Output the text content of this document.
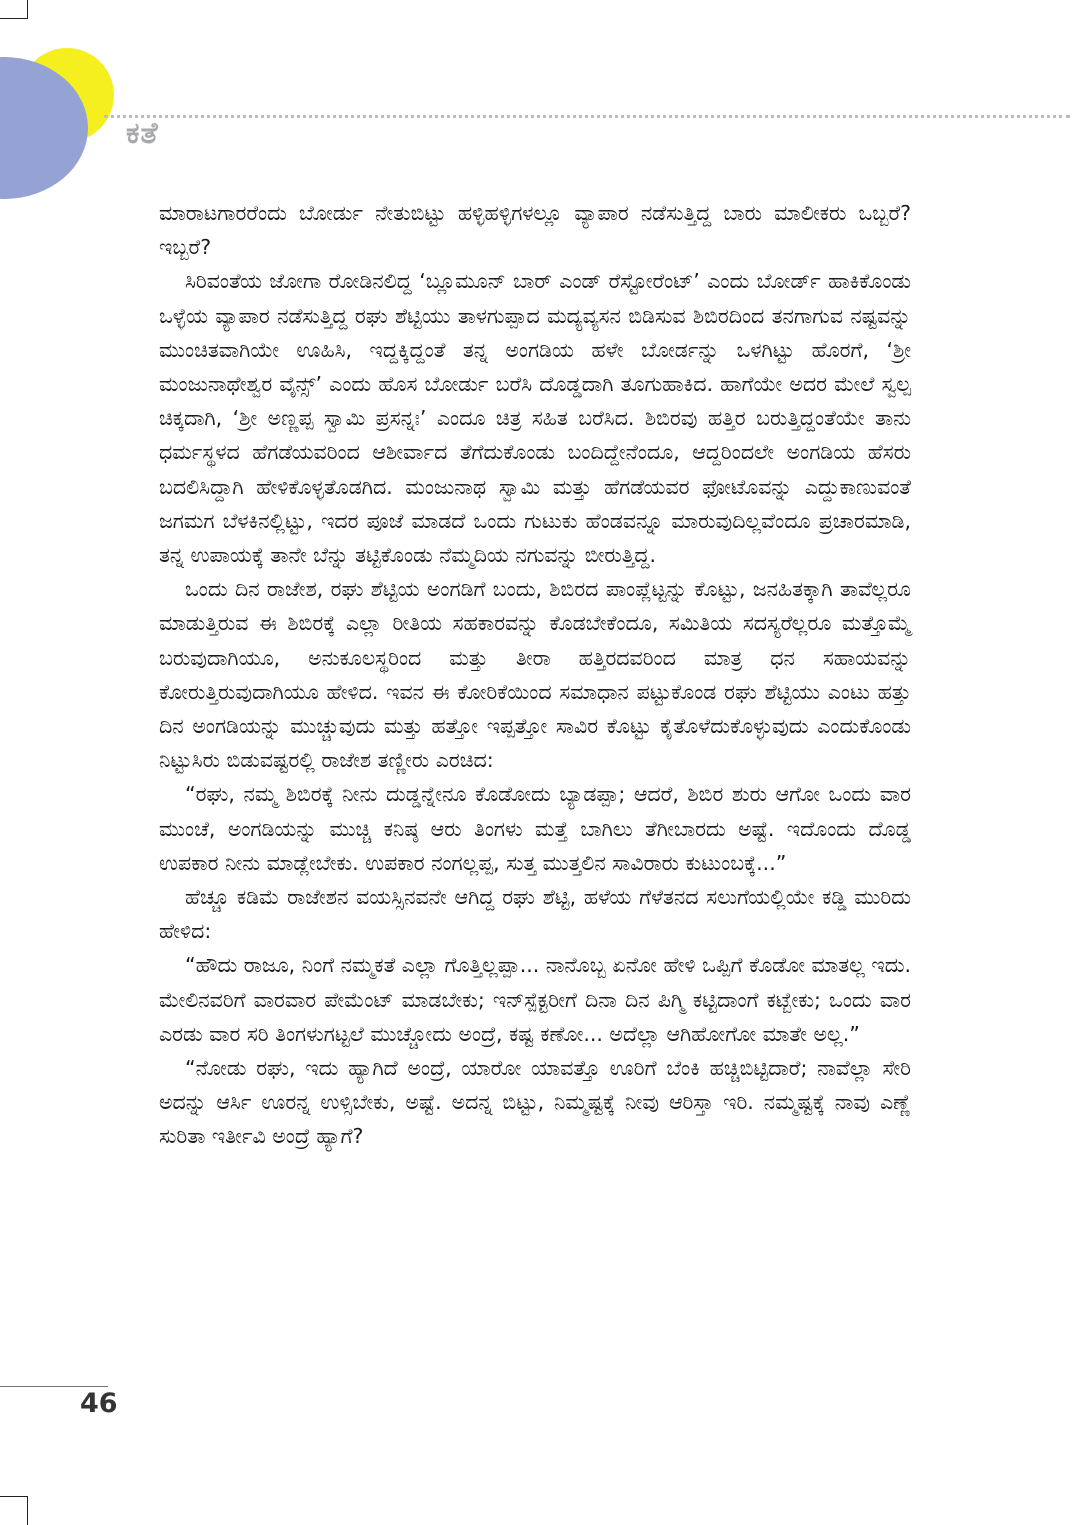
ಕತೆ

ಮಾರಾಟಗಾರರೆಂದು ಬೋರ್ಡು ನೇತುಬಿಟ್ಟು ಹಳ್ಳಿಹಳ್ಳಿಗಳಲ್ಲೂ ವ್ಯಾಪಾರ ನಡೆಸುತ್ತಿದ್ದ ಬಾರು ಮಾಲೀಕರು ಒಬ್ಬರೆ? ಇಬ್ಬರೆ?

ಸಿರಿವಂತೆಯ ಜೋಗಾ ರೋಡಿನಲಿದ್ದ ‘ಬ್ಲೂಮೂನ್ ಬಾರ್ ಎಂಡ್ ರೆಸ್ಟೋರೆಂಟ್’ ಎಂದು ಬೋರ್ಡ್ ಹಾಕಿಕೊಂಡು ಒಳ್ಳೆಯ ವ್ಯಾಪಾರ ನಡೆಸುತ್ತಿದ್ದ ರಘು ಶೆಟ್ಟಿಯು ತಾಳಗುಪ್ಪಾದ ಮದ್ಯವ್ಯಸನ ಬಿಡಿಸುವ ಶಿಬಿರದಿಂದ ತನಗಾಗುವ ನಷ್ಟವನ್ನು ಮುಂಚಿತವಾಗಿಯೇ ಊಹಿಸಿ, ಇದ್ದಕ್ಕಿದ್ದಂತೆ ತನ್ನ ಅಂಗಡಿಯ ಹಳೇ ಬೋರ್ಡನ್ನು ಒಳಗಿಟ್ಟು ಹೊರಗೆ, ‘ಶ್ರೀ ಮಂಜುನಾಥೇಶ್ವರ ವೈನ್ಸ್’ ಎಂದು ಹೊಸ ಬೋರ್ಡು ಬರೆಸಿ ದೊಡ್ಡದಾಗಿ ತೂಗುಹಾಕಿದ. ಹಾಗೆಯೇ ಅದರ ಮೇಲೆ ಸ್ವಲ್ಪ ಚಿಕ್ಕದಾಗಿ, ‘ಶ್ರೀ ಅಣ್ಣಪ್ಪ ಸ್ವಾಮಿ ಪ್ರಸನ್ನಃ’ ಎಂದೂ ಚಿತ್ರ ಸಹಿತ ಬರೆಸಿದ. ಶಿಬಿರವು ಹತ್ತಿರ ಬರುತ್ತಿದ್ದಂತೆಯೇ ತಾನು ಧರ್ಮಸ್ಥಳದ ಹೆಗಡೆಯವರಿಂದ ಆಶೀರ್ವಾದ ತೆಗೆದುಕೊಂಡು ಬಂದಿದ್ದೇನೆಂದೂ, ಆದ್ದರಿಂದಲೇ ಅಂಗಡಿಯ ಹೆಸರು ಬದಲಿಸಿದ್ದಾಗಿ ಹೇಳಿಕೊಳ್ಳತೊಡಗಿದ. ಮಂಜುನಾಥ ಸ್ವಾಮಿ ಮತ್ತು ಹೆಗಡೆಯವರ ಫೋಟೊವನ್ನು ಎದ್ದುಕಾಣುವಂತೆ ಜಗಮಗ ಬೆಳಕಿನಲ್ಲಿಟ್ಟು, ಇದರ ಪೂಜೆ ಮಾಡದೆ ಒಂದು ಗುಟುಕು ಹೆಂಡವನ್ನೂ ಮಾರುವುದಿಲ್ಲವೆಂದೂ ಪ್ರಚಾರಮಾಡಿ, ತನ್ನ ಉಪಾಯಕ್ಕೆ ತಾನೇ ಬೆನ್ನು ತಟ್ಟಿಕೊಂಡು ನೆಮ್ಮದಿಯ ನಗುವನ್ನು ಬೀರುತ್ತಿದ್ದ.

ಒಂದು ದಿನ ರಾಜೇಶ, ರಘು ಶೆಟ್ಟಿಯ ಅಂಗಡಿಗೆ ಬಂದು, ಶಿಬಿರದ ಪಾಂಪ್ಲೆಟ್ಟನ್ನು ಕೊಟ್ಟು, ಜನಹಿತಕ್ಕಾಗಿ ತಾವೆಲ್ಲರೂ ಮಾಡುತ್ತಿರುವ ಈ ಶಿಬಿರಕ್ಕೆ ಎಲ್ಲಾ ರೀತಿಯ ಸಹಕಾರವನ್ನು ಕೊಡಬೇಕೆಂದೂ, ಸಮಿತಿಯ ಸದಸ್ಯರೆಲ್ಲರೂ ಮತ್ತೊಮ್ಮೆ ಬರುವುದಾಗಿಯೂ, ಅನುಕೂಲಸ್ಥರಿಂದ ಮತ್ತು ತೀರಾ ಹತ್ತಿರದವರಿಂದ ಮಾತ್ರ ಧನ ಸಹಾಯವನ್ನು ಕೋರುತ್ತಿರುವುದಾಗಿಯೂ ಹೇಳಿದ. ಇವನ ಈ ಕೋರಿಕೆಯಿಂದ ಸಮಾಧಾನ ಪಟ್ಟುಕೊಂಡ ರಘು ಶೆಟ್ಟಿಯು ಎಂಟು ಹತ್ತು ದಿನ ಅಂಗಡಿಯನ್ನು ಮುಚ್ಚುವುದು ಮತ್ತು ಹತ್ತೋ ಇಪ್ಪತ್ತೋ ಸಾವಿರ ಕೊಟ್ಟು ಕೈತೊಳೆದುಕೊಳ್ಳುವುದು ಎಂದುಕೊಂಡು ನಿಟ್ಟುಸಿರು ಬಿಡುವಷ್ಟರಲ್ಲಿ ರಾಜೇಶ ತಣ್ಣೀರು ಎರಚಿದ:

“ರಘು, ನಮ್ಮ ಶಿಬಿರಕ್ಕೆ ನೀನು ದುಡ್ಡನ್ನೇನೂ ಕೊಡೋದು ಬ್ಯಾಡಪ್ಪಾ; ಆದರೆ, ಶಿಬಿರ ಶುರು ಆಗೋ ಒಂದು ವಾರ ಮುಂಚೆ, ಅಂಗಡಿಯನ್ನು ಮುಚ್ಚಿ ಕನಿಷ್ಠ ಆರು ತಿಂಗಳು ಮತ್ತೆ ಬಾಗಿಲು ತೆಗೀಬಾರದು ಅಷ್ಟೆ. ಇದೊಂದು ದೊಡ್ಡ ಉಪಕಾರ ನೀನು ಮಾಡ್ಲೇಬೇಕು. ಉಪಕಾರ ನಂಗಲ್ಲಪ್ಪ, ಸುತ್ತ ಮುತ್ತಲಿನ ಸಾವಿರಾರು ಕುಟುಂಬಕ್ಕೆ...”

ಹೆಚ್ಚೂ ಕಡಿಮೆ ರಾಜೇಶನ ವಯಸ್ಸಿನವನೇ ಆಗಿದ್ದ ರಘು ಶೆಟ್ಟಿ, ಹಳೆಯ ಗೆಳೆತನದ ಸಲುಗೆಯಲ್ಲಿಯೇ ಕಡ್ಡಿ ಮುರಿದು ಹೇಳಿದ:

“ಹೌದು ರಾಜೂ, ನಿಂಗೆ ನಮ್ಮಕತೆ ಎಲ್ಲಾ ಗೊತ್ತಿಲ್ಲಪ್ಪಾ... ನಾನೊಬ್ಬ ಏನೋ ಹೇಳಿ ಒಪ್ಪಿಗೆ ಕೊಡೋ ಮಾತಲ್ಲ ಇದು. ಮೇಲಿನವರಿಗೆ ವಾರವಾರ ಪೇಮೆಂಟ್ ಮಾಡಬೇಕು; ಇನ್‌ಸ್ಪೆಕ್ಟರೀಗೆ ದಿನಾ ದಿನ ಪಿಗ್ಮಿ ಕಟ್ಟಿದಾಂಗೆ ಕಟ್ಬೇಕು; ಒಂದು ವಾರ ಎರಡು ವಾರ ಸರಿ ತಿಂಗಳುಗಟ್ಟಲೆ ಮುಚ್ಚೋದು ಅಂದ್ರೆ, ಕಷ್ಟ ಕಣೋ... ಅದೆಲ್ಲಾ ಆಗಿಹೋಗೋ ಮಾತೇ ಅಲ್ಲ.”

“ನೋಡು ರಘು, ಇದು ಹ್ಯಾಗಿದೆ ಅಂದ್ರೆ, ಯಾರೋ ಯಾವತ್ತೊ ಊರಿಗೆ ಬೆಂಕಿ ಹಚ್ಚಿಬಿಟ್ಟಿದಾರೆ; ನಾವೆಲ್ಲಾ ಸೇರಿ ಅದನ್ನು ಆರ್ಸಿ ಊರನ್ನ ಉಳ್ಸಿಬೇಕು, ಅಷ್ಟೆ. ಅದನ್ನ ಬಿಟ್ಟು, ನಿಮ್ಮಷ್ಟಕ್ಕೆ ನೀವು ಆರಿಸ್ತಾ ಇರಿ. ನಮ್ಮಷ್ಟಕ್ಕೆ ನಾವು ಎಣ್ಣೆ ಸುರಿತಾ ಇರ್ತೀವಿ ಅಂದ್ರೆ ಹ್ಯಾಗೆ?

46
